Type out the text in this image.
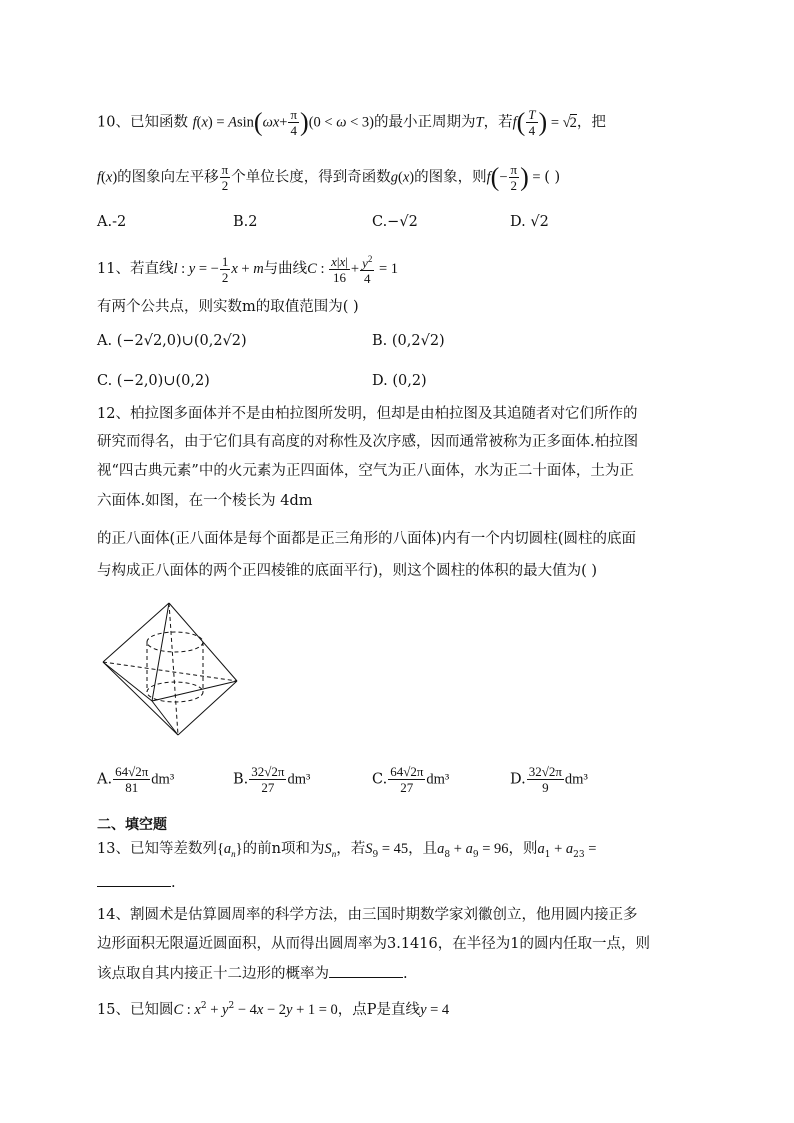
10、已知函数 $f(x) = Asin(\omega x+ \frac{\pi}{4} )(0 < \omega < 3)$的最小正周期为T，若$f( \frac{T}{4}$ ) = √2，把
f(x)的图象向左平移 $\frac{\pi}{2}$ 个单位长度，得到奇函数g(x)的图象，则$f(- \frac{\pi}{2}$ ) = ( )
A.-2	B.2	C.−√2	D. √2
11、若直线l : y = − $\frac{1}{2}$ x + m与曲线C : $\frac{x|x|}{16} + \frac{y^2}{4} = 1$
有两个公共点，则实数m的取值范围为( )
A. (−2√2,0)∪(0,2√2)	B. (0,2√2)
C. (−2,0)∪(0,2)	D. (0,2)
12、柏拉图多面体并不是由柏拉图所发明，但却是由柏拉图及其追随者对它们所作的
研究而得名，由于它们具有高度的对称性及次序感，因而通常被称为正多面体.柏拉图
视“四古典元素”中的火元素为正四面体，空气为正八面体，水为正二十面体，土为正
六面体.如图，在一个棱长为 4dm
的正八面体(正八面体是每个面都是正三角形的八面体)内有一个内切圆柱(圆柱的底面
与构成正八面体的两个正四棱锥的底面平行)，则这个圆柱的体积的最大值为( )
A. $\frac{64√2\pi}{81} dm^3$	B. $\frac{32√2\pi}{27} dm^3$	C. $\frac{64√2\pi}{27} dm^3$	D. $\frac{32√2\pi}{9} dm^3$
二、填空题
13、已知等差数列$\{a_n\}$的前n项和为$S_n$，若$S_9 = 45$，且$a_8 + a_9 = 96$，则$a_1 + a_{23}$ =
.
14、割圆术是估算圆周率的科学方法，由三国时期数学家刘徽创立，他用圆内接正多
边形面积无限逼近圆面积，从而得出圆周率为3.1416，在半径为1的圆内任取一点，则
该点取自其内接正十二边形的概率为	.
15、已知圆C : $x^2 + y^2 - 4x - 2y + 1 = 0$，点P是直线y = 4
